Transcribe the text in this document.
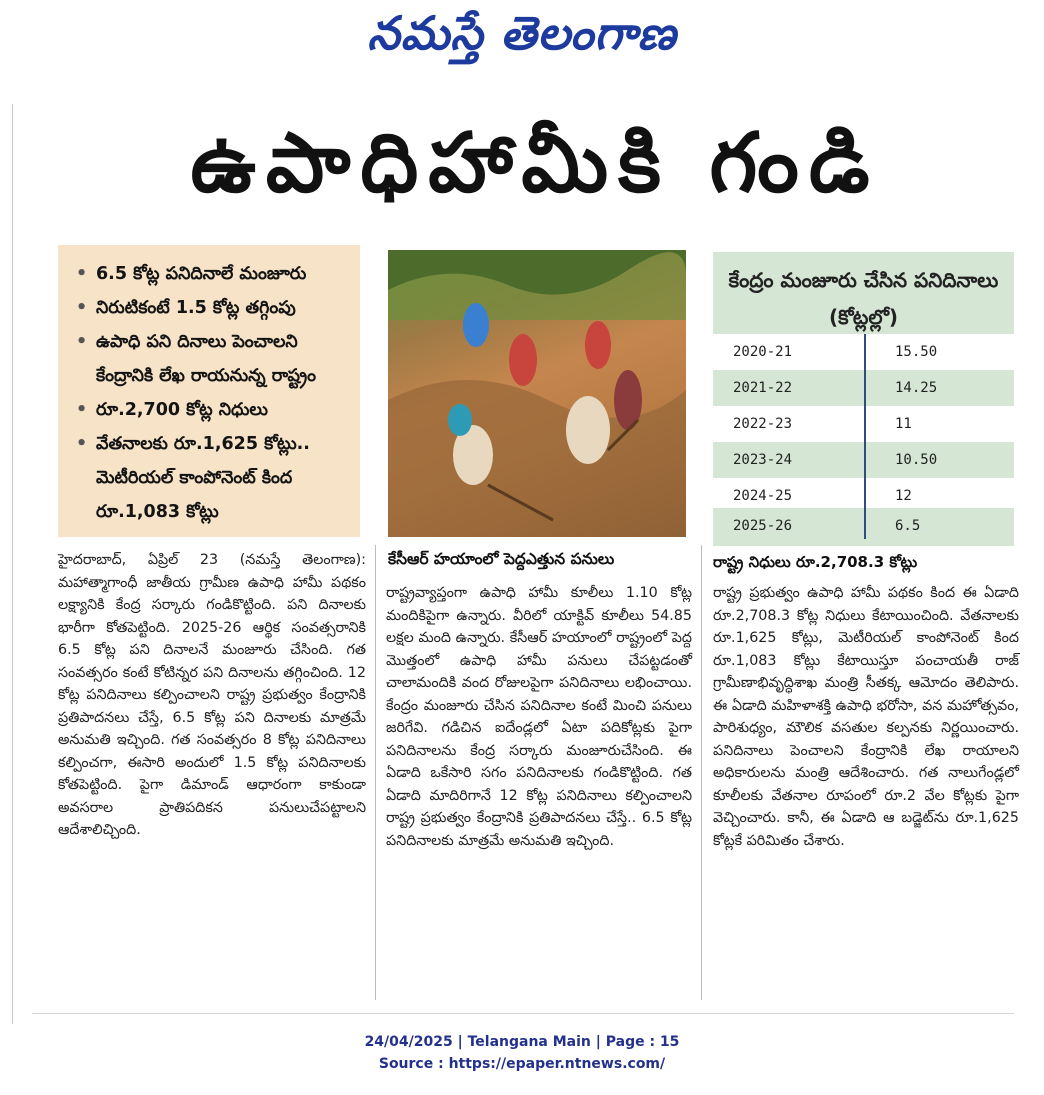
నమస్తే తెలంగాణ
ఉపాధిహామీకి గండి
• 6.5 కోట్ల పనిదినాలే మంజూరు
• నిరుటికంటే 1.5 కోట్ల తగ్గింపు
• ఉపాధి పని దినాలు పెంచాలని కేంద్రానికి లేఖ రాయనున్న రాష్ట్రం
• రూ.2,700 కోట్ల నిధులు
• వేతనాలకు రూ.1,625 కోట్లు.. మెటీరియల్ కాంపోనెంట్ కింద రూ.1,083 కోట్లు
కేసీఆర్ హయాంలో పెద్దఎత్తున పనులు
కేంద్రం మంజూరు చేసిన పనిదినాలు (కోట్లల్లో)
2020-21	15.50
2021-22	14.25
2022-23	11
2023-24	10.50
2024-25	12
2025-26	6.5
రాష్ట్ర నిధులు రూ.2,708.3 కోట్లు
హైదరాబాద్, ఏప్రిల్ 23 (నమస్తే తెలంగాణ): మహాత్మాగాంధీ జాతీయ గ్రామీణ ఉపాధి హామీ పథకం లక్ష్యానికి కేంద్ర సర్కారు గండికొట్టింది. పని దినాలకు భారీగా కోతపెట్టింది. 2025-26 ఆర్థిక సంవత్సరానికి 6.5 కోట్ల పని దినాలనే మంజూరు చేసింది. గత సంవత్సరం కంటే కోటిన్నర పని దినాలను తగ్గించింది. 12 కోట్ల పనిదినాలు కల్పించాలని రాష్ట్ర ప్రభుత్వం కేంద్రానికి ప్రతిపాదనలు చేస్తే, 6.5 కోట్ల పని దినాలకు మాత్రమే అనుమతి ఇచ్చింది. గత సంవత్సరం 8 కోట్ల పనిదినాలు కల్పించగా, ఈసారి అందులో 1.5 కోట్ల పనిదినాలకు కోతపెట్టింది. పైగా డిమాండ్ ఆధారంగా కాకుండా అవసరాల ప్రాతిపదికన పనులుచేపట్టాలని ఆదేశాలిచ్చింది.
రాష్ట్రవ్యాప్తంగా ఉపాధి హామీ కూలీలు 1.10 కోట్ల మందికిపైగా ఉన్నారు. వీరిలో యాక్టివ్ కూలీలు 54.85 లక్షల మంది ఉన్నారు. కేసీఆర్ హయాంలో రాష్ట్రంలో పెద్ద మొత్తంలో ఉపాధి హామీ పనులు చేపట్టడంతో చాలామందికి వంద రోజులపైగా పనిదినాలు లభించాయి. కేంద్రం మంజూరు చేసిన పనిదినాల కంటే మించి పనులు జరిగేవి. గడిచిన ఐదేండ్లలో ఏటా పదికోట్లకు పైగా పనిదినాలను కేంద్ర సర్కారు మంజూరుచేసింది. ఈ ఏడాది ఒకేసారి సగం పనిదినాలకు గండికొట్టింది. గత ఏడాది మాదిరిగానే 12 కోట్ల పనిదినాలు కల్పించాలని రాష్ట్ర ప్రభుత్వం కేంద్రానికి ప్రతిపాదనలు చేస్తే.. 6.5 కోట్ల పనిదినాలకు మాత్రమే అనుమతి ఇచ్చింది.
రాష్ట్ర ప్రభుత్వం ఉపాధి హామీ పథకం కింద ఈ ఏడాది రూ.2,708.3 కోట్ల నిధులు కేటాయించింది. వేతనాలకు రూ.1,625 కోట్లు, మెటీరియల్ కాంపోనెంట్ కింద రూ.1,083 కోట్లు కేటాయిస్తూ పంచాయతీ రాజ్ గ్రామీణాభివృద్ధిశాఖ మంత్రి సీతక్క ఆమోదం తెలిపారు. ఈ ఏడాది మహిళాశక్తి ఉపాధి భరోసా, వన మహోత్సవం, పారిశుధ్యం, మౌలిక వసతుల కల్పనకు నిర్ణయించారు. పనిదినాలు పెంచాలని కేంద్రానికి లేఖ రాయాలని అధికారులను మంత్రి ఆదేశించారు. గత నాలుగేండ్లలో కూలీలకు వేతనాల రూపంలో రూ.2 వేల కోట్లకు పైగా వెచ్చించారు. కానీ, ఈ ఏడాది ఆ బడ్జెట్‌ను రూ.1,625 కోట్లకే పరిమితం చేశారు.
24/04/2025 | Telangana Main | Page : 15
Source : https://epaper.ntnews.com/
